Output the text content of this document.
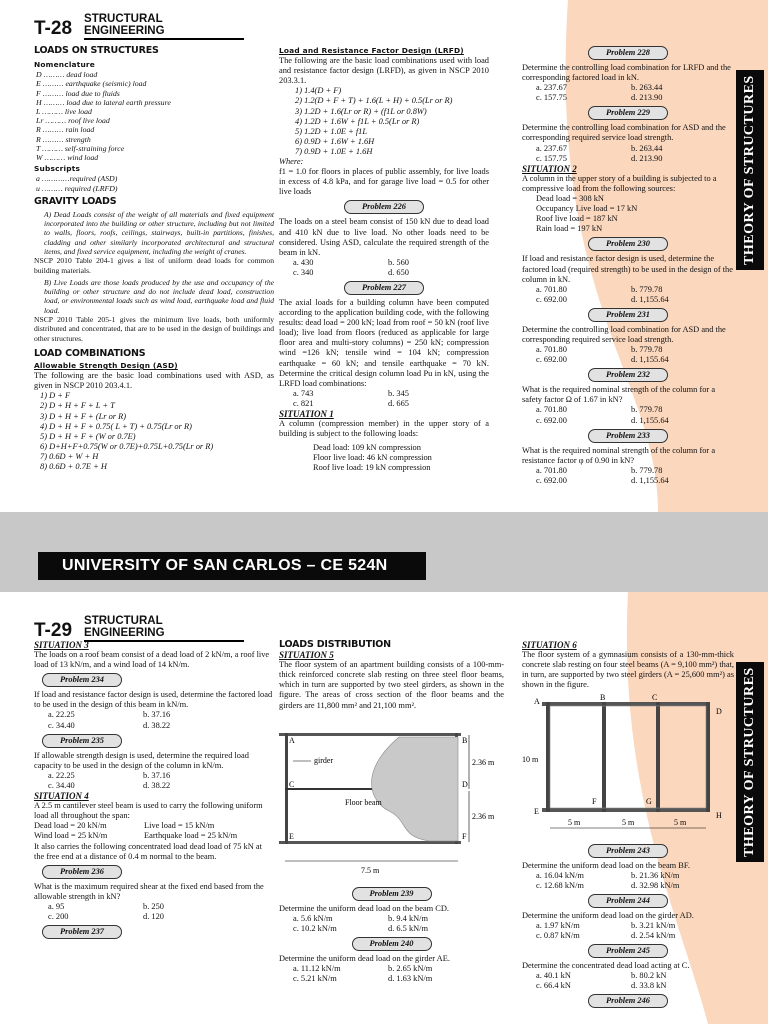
THEORY OF STRUCTURES
T-28 STRUCTURAL ENGINEERING
LOADS ON STRUCTURES
Nomenclature
D ……… dead load
E ……… earthquake (seismic) load
F ……… load due to fluids
H ……… load due to lateral earth pressure
L ……… live load
Lr ……… roof live load
R ……… rain load
R ……… strength
T ……… self-straining force
W ……… wind load
Subscripts
a …………required (ASD)
u ……… required (LRFD)
GRAVITY LOADS
A) Dead Loads consist of the weight of all materials and fixed equipment incorporated into the building or other structure, including but not limited to walls, floors, roofs, ceilings, stairways, built-in partitions, finishes, cladding and other similarly incorporated architectural and structural items, and fixed service equipment, including the weight of cranes.
NSCP 2010 Table 204-1 gives a list of uniform dead loads for common building materials.
B) Live Loads are those loads produced by the use and occupancy of the building or other structure and do not include dead load, construction load, or environmental loads such as wind load, earthquake load and fluid load.
NSCP 2010 Table 205-1 gives the minimum live loads, both uniformly distributed and concentrated, that are to be used in the design of buildings and other structures.
LOAD COMBINATIONS
Allowable Strength Design (ASD)
The following are the basic load combinations used with ASD, as given in NSCP 2010 203.4.1.
1) D + F
2) D + H + F + L + T
3) D + H + F + (Lr or R)
4) D + H + F + 0.75( L + T) + 0.75(Lr or R)
5) D + H + F + (W or 0.7E)
6) D+H+F+0.75(W or 0.7E)+0.75L+0.75(Lr or R)
7) 0.6D + W + H
8) 0.6D + 0.7E + H
Load and Resistance Factor Design (LRFD)
The following are the basic load combinations used with load and resistance factor design (LRFD), as given in NSCP 2010 203.3.1.
1) 1.4(D + F)
2) 1.2(D + F + T) + 1.6(L + H) + 0.5(Lr or R)
3) 1.2D + 1.6(Lr or R) + (f1L or 0.8W)
4) 1.2D + 1.6W + f1L + 0.5(Lr or R)
5) 1.2D + 1.0E + f1L
6) 0.9D + 1.6W + 1.6H
7) 0.9D + 1.0E + 1.6H
Where:
f1 = 1.0 for floors in places of public assembly, for live loads in excess of 4.8 kPa, and for garage live load = 0.5 for other live loads
Problem 226
The loads on a steel beam consist of 150 kN due to dead load and 410 kN due to live load. No other loads need to be considered. Using ASD, calculate the required strength of the beam in kN.
a. 430	b. 560
c. 340	d. 650
Problem 227
The axial loads for a building column have been computed according to the application building code, with the following results: dead load = 200 kN; load from roof = 50 kN (roof live load); live load from floors (reduced as applicable for large floor area and multi-story columns) = 250 kN; compression wind =126 kN; tensile wind = 104 kN; compression earthquake = 60 kN; and tensile earthquake = 70 kN. Determine the critical design column load Pu in kN, using the LRFD load combinations:
a. 743	b. 345
c. 821	d. 665
SITUATION 1
A column (compression member) in the upper story of a building is subject to the following loads:
Dead load: 109 kN compression
Floor live load: 46 kN compression
Roof live load: 19 kN compression
Problem 228
Determine the controlling load combination for LRFD and the corresponding factored load in kN.
a. 237.67	b. 263.44
c. 157.75	d. 213.90
Problem 229
Determine the controlling load combination for ASD and the corresponding required service load strength.
a. 237.67	b. 263.44
c. 157.75	d. 213.90
SITUATION 2
A column in the upper story of a building is subjected to a compressive load from the following sources:
Dead load = 308 kN
Occupancy Live load = 17 kN
Roof live load = 187 kN
Rain load = 197 kN
Problem 230
If load and resistance factor design is used, determine the factored load (required strength) to be used in the design of the column in kN.
a. 701.80	b. 779.78
c. 692.00	d. 1,155.64
Problem 231
Determine the controlling load combination for ASD and the corresponding required service load strength.
a. 701.80	b. 779.78
c. 692.00	d. 1,155.64
Problem 232
What is the required nominal strength of the column for a safety factor Ω of 1.67 in kN?
a. 701.80	b. 779.78
c. 692.00	d. 1,155.64
Problem 233
What is the required nominal strength of the column for a resistance factor φ of 0.90 in kN?
a. 701.80	b. 779.78
c. 692.00	d. 1,155.64
UNIVERSITY OF SAN CARLOS – CE 524N
THEORY OF STRUCTURES
T-29 STRUCTURAL ENGINEERING
SITUATION 3
The loads on a roof beam consist of a dead load of 2 kN/m, a roof live load of 13 kN/m, and a wind load of 14 kN/m.
Problem 234
If load and resistance factor design is used, determine the factored load to be used in the design of this beam in kN/m.
a. 22.25	b. 37.16
c. 34.40	d. 38.22
Problem 235
If allowable strength design is used, determine the required load capacity to be used in the design of the column in kN/m.
a. 22.25	b. 37.16
c. 34.40	d. 38.22
SITUATION 4
A 2.5 m cantilever steel beam is used to carry the following uniform load all throughout the span:
Dead load = 20 kN/m	Live load = 15 kN/m
Wind load = 25 kN/m	Earthquake load = 25 kN/m
It also carries the following concentrated load dead load of 75 kN at the free end at a distance of 0.4 m normal to the beam.
Problem 236
What is the maximum required shear at the fixed end based from the allowable strength in kN?
a. 95	b. 250
c. 200	d. 120
Problem 237
LOADS DISTRIBUTION
SITUATION 5
The floor system of an apartment building consists of a 100-mm-thick reinforced concrete slab resting on three steel floor beams, which in turn are supported by two steel girders, as shown in the figure. The areas of cross section of the floor beams and the girders are 11,800 mm² and 21,100 mm².
A	B
C	D
E	F
girder
Floor beam
2.36 m
2.36 m
7.5 m
Problem 239
Determine the uniform dead load on the beam CD.
a. 5.6 kN/m	b. 9.4 kN/m
c. 10.2 kN/m	d. 6.5 kN/m
Problem 240
Determine the uniform dead load on the girder AE.
a. 11.12 kN/m	b. 2.65 kN/m
c. 5.21 kN/m	d. 1.63 kN/m
SITUATION 6
The floor system of a gymnasium consists of a 130-mm-thick concrete slab resting on four steel beams (A = 9,100 mm²) that, in turn, are supported by two steel girders (A = 25,600 mm²) as shown in the figure.
A	B	C
D
E
F	G
H
10 m
5 m	5 m	5 m
Problem 243
Determine the uniform dead load on the beam BF.
a. 16.04 kN/m	b. 21.36 kN/m
c. 12.68 kN/m	d. 32.98 kN/m
Problem 244
Determine the uniform dead load on the girder AD.
a. 1.97 kN/m	b. 3.21 kN/m
c. 0.87 kN/m	d. 2.54 kN/m
Problem 245
Determine the concentrated dead load acting at C.
a. 40.1 kN	b. 80.2 kN
c. 66.4 kN	d. 33.8 kN
Problem 246
